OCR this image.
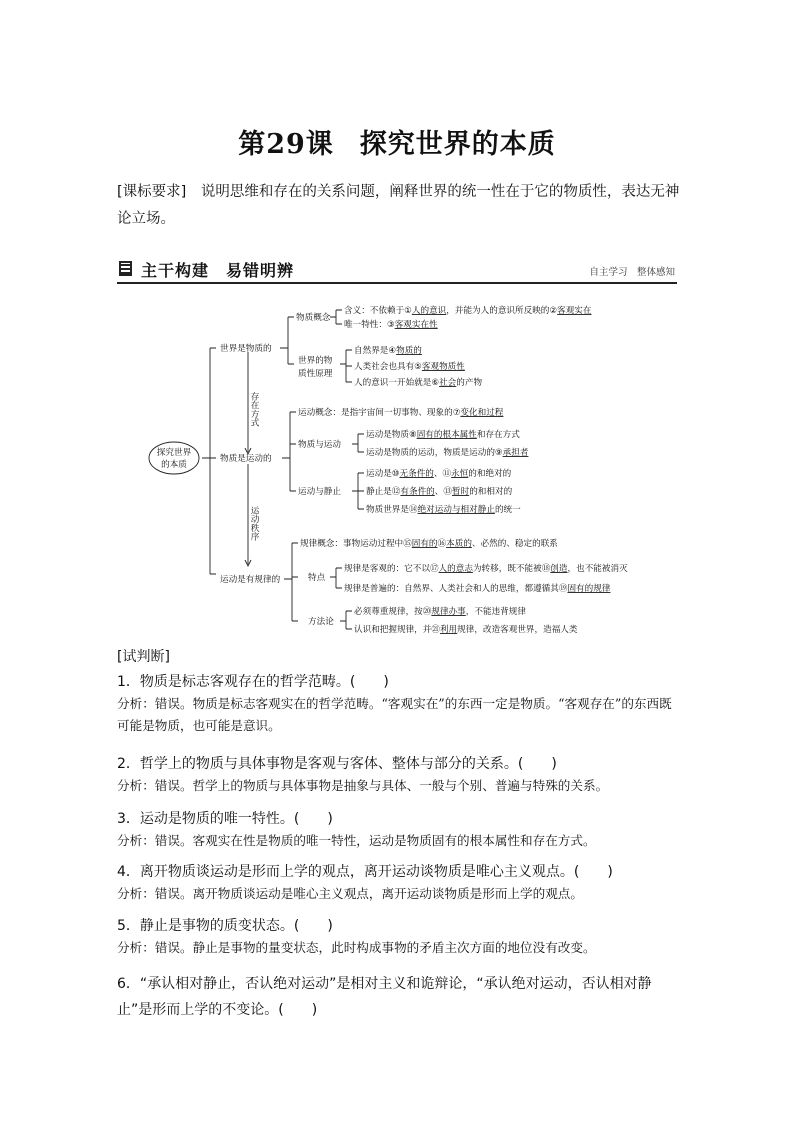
第29课 探究世界的本质
[课标要求]　 说明思维和存在的关系问题，阐释世界的统一性在于它的物质性，表达无神论立场。
主干构建　易错明辨	自主学习　整体感知
探究世界
的本质
存在方式
运动秩序
世界是物质的
物质概念
含义：不依赖于①人的意识，并能为人的意识所反映的②客观实在
唯一特性：③客观实在性
世界的物
质性原理
自然界是④物质的
人类社会也具有⑤客观物质性
人的意识一开始就是⑥社会的产物
物质是运动的
运动概念：是指宇宙间一切事物、现象的⑦变化和过程
物质与运动
运动是物质⑧固有的根本属性和存在方式
运动是物质的运动，物质是运动的⑨承担者
运动与静止
运动是⑩无条件的、⑪永恒的和绝对的
静止是⑫有条件的、⑬暂时的和相对的
物质世界是⑭绝对运动与相对静止的统一
运动是有规律的
规律概念：事物运动过程中⑮固有的⑯本质的、必然的、稳定的联系
特点
规律是客观的：它不以⑰人的意志为转移，既不能被⑱创造，也不能被消灭
规律是普遍的：自然界、人类社会和人的思维，都遵循其⑲固有的规律
方法论
必须尊重规律，按⑳规律办事，不能违背规律
认识和把握规律，并㉑利用规律，改造客观世界，造福人类
[试判断]
1．物质是标志客观存在的哲学范畴。(　　)
分析：错误。物质是标志客观实在的哲学范畴。“客观实在”的东西一定是物质。“客观存在”的东西既可能是物质，也可能是意识。
2．哲学上的物质与具体事物是客观与客体、整体与部分的关系。(　　)
分析：错误。哲学上的物质与具体事物是抽象与具体、一般与个别、普遍与特殊的关系。
3．运动是物质的唯一特性。(　　)
分析：错误。客观实在性是物质的唯一特性，运动是物质固有的根本属性和存在方式。
4．离开物质谈运动是形而上学的观点，离开运动谈物质是唯心主义观点。(　　)
分析：错误。离开物质谈运动是唯心主义观点，离开运动谈物质是形而上学的观点。
5．静止是事物的质变状态。(　　)
分析：错误。静止是事物的量变状态，此时构成事物的矛盾主次方面的地位没有改变。
6．“承认相对静止，否认绝对运动”是相对主义和诡辩论，“承认绝对运动，否认相对静止”是形而上学的不变论。(　　)
